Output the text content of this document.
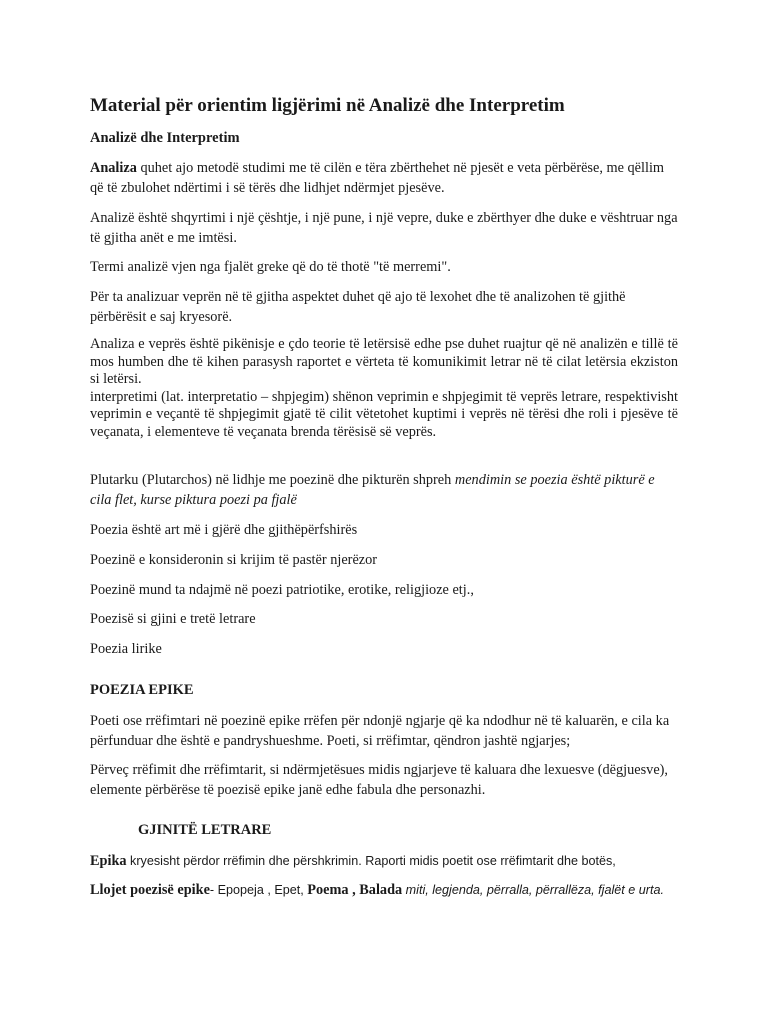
Material për orientim ligjërimi në Analizë dhe Interpretim
Analizë dhe Interpretim

Analiza quhet ajo metodë studimi me të cilën e tëra zbërthehet në pjesët e veta përbërëse, me qëllim që të zbulohet ndërtimi i së tërës dhe lidhjet ndërmjet pjesëve.

Analizë është shqyrtimi i një çështje, i një pune, i një vepre, duke e zbërthyer dhe duke e vështruar nga të gjitha anët e me imtësi.

Termi analizë vjen nga fjalët greke që do të thotë "të merremi".

Për ta analizuar veprën në të gjitha aspektet duhet që ajo të lexohet dhe të analizohen të gjithë përbërësit e saj kryesorë.

Analiza e veprës është pikënisje e çdo teorie të letërsisë edhe pse duhet ruajtur që në analizën e tillë të mos humben dhe të kihen parasysh raportet e vërteta të komunikimit letrar në të cilat letërsia ekziston si letërsi.
interpretimi (lat. interpretatio – shpjegim) shënon veprimin e shpjegimit të veprës letrare, respektivisht veprimin e veçantë të shpjegimit gjatë të cilit vëtetohet kuptimi i veprës në tërësi dhe roli i pjesëve të veçanata, i elementeve të veçanata brenda tërësisë së veprës.

Plutarku (Plutarchos) në lidhje me poezinë dhe pikturën shpreh mendimin se poezia është pikturë e cila flet, kurse piktura poezi pa fjalë

Poezia është art më i gjërë dhe gjithëpërfshirës

Poezinë e konsideronin si krijim të pastër njerëzor

Poezinë mund ta ndajmë në poezi patriotike, erotike, religjioze etj.,

Poezisë si gjini e tretë letrare

Poezia lirike

POEZIA EPIKE

Poeti ose rrëfimtari në poezinë epike rrëfen për ndonjë ngjarje që ka ndodhur në të kaluarën, e cila ka përfunduar dhe është e pandryshueshme. Poeti, si rrëfimtar, qëndron jashtë ngjarjes;

Përveç rrëfimit dhe rrëfimtarit, si ndërmjetësues midis ngjarjeve të kaluara dhe lexuesve (dëgjuesve), elemente përbërëse të poezisë epike janë edhe fabula dhe personazhi.

GJINITË LETRARE

Epika kryesisht përdor rrëfimin dhe përshkrimin. Raporti midis poetit ose rrëfimtarit dhe botës,

Llojet poezisë epike- Epopeja , Epet, Poema , Balada miti, legjenda, përralla, përrallëza, fjalët e urta.
